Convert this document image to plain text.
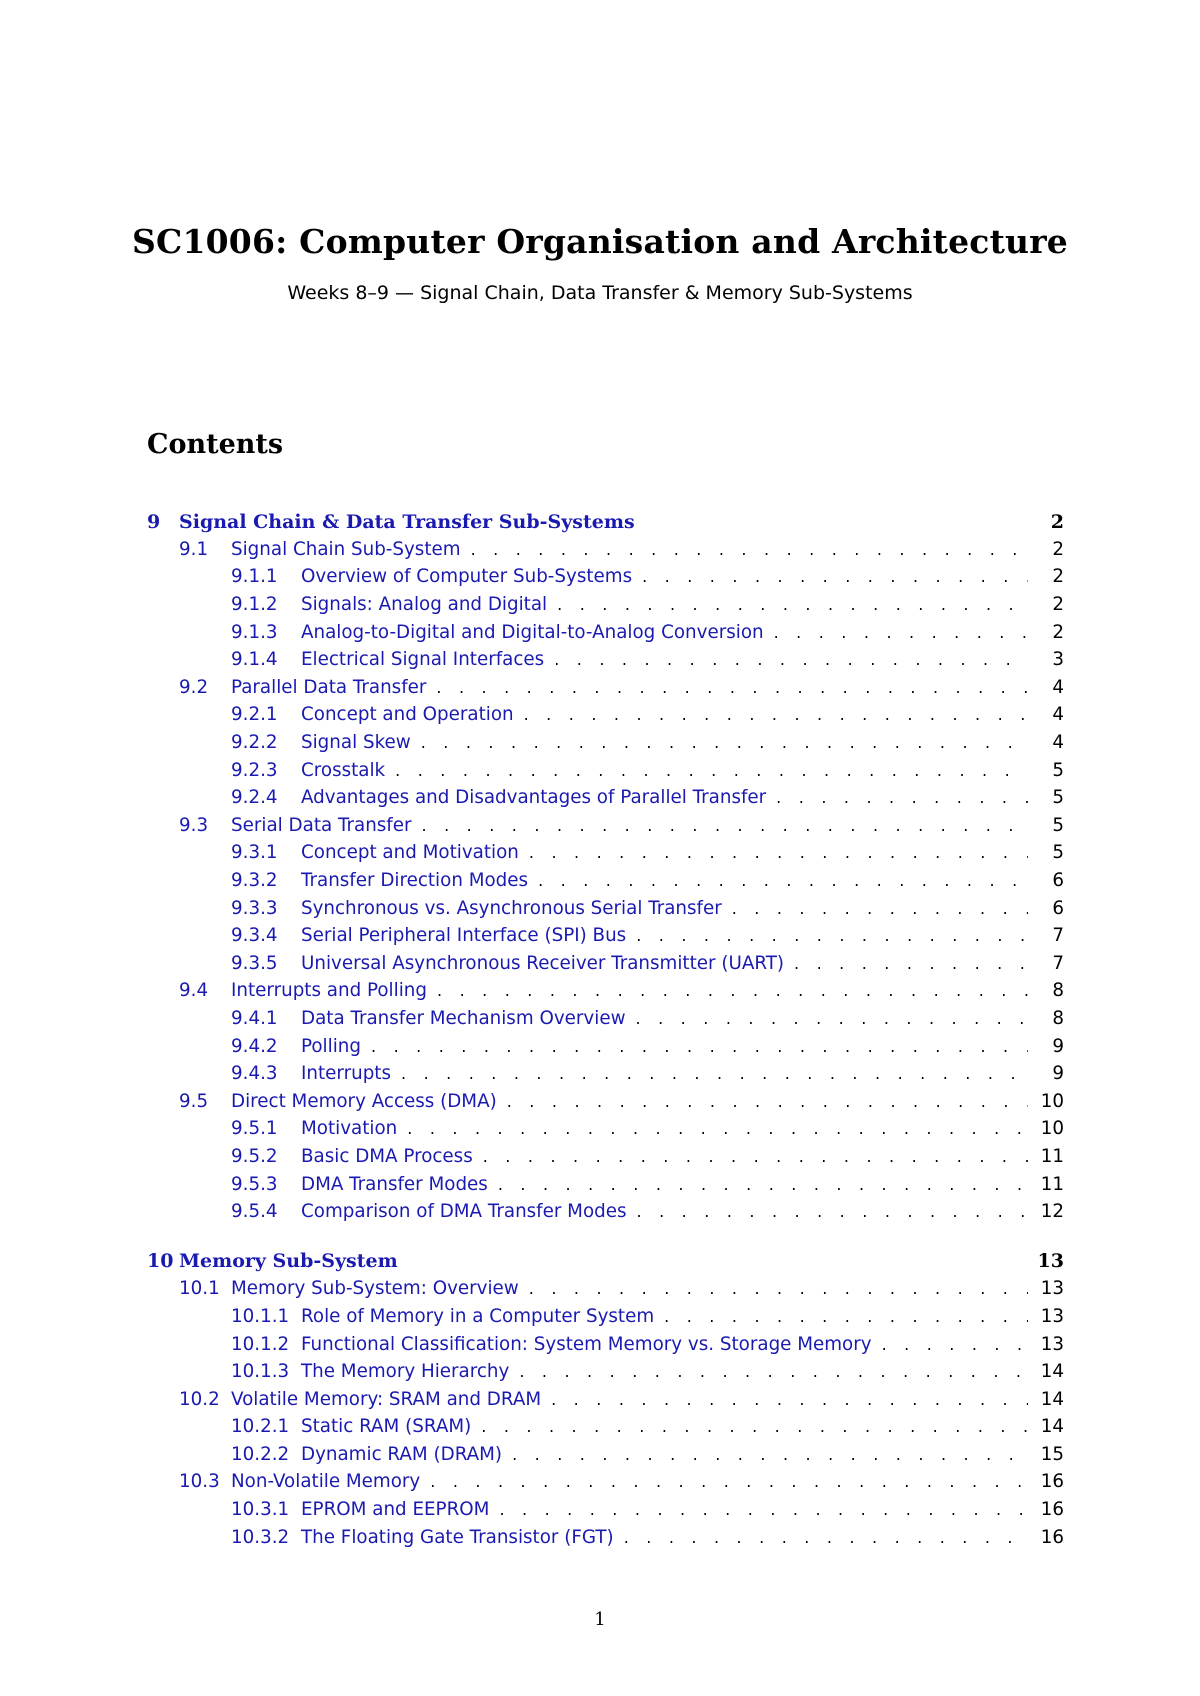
SC1006: Computer Organisation and Architecture
Weeks 8–9 — Signal Chain, Data Transfer & Memory Sub-Systems
Contents
9 Signal Chain & Data Transfer Sub-Systems	2
9.1	Signal Chain Sub-System . . .	2
9.1.1	Overview of Computer Sub-Systems . . .	2
9.1.2	Signals: Analog and Digital . . .	2
9.1.3	Analog-to-Digital and Digital-to-Analog Conversion . . .	2
9.1.4	Electrical Signal Interfaces . . .	3
9.2	Parallel Data Transfer . . .	4
9.2.1	Concept and Operation . . .	4
9.2.2	Signal Skew . . .	4
9.2.3	Crosstalk . . .	5
9.2.4	Advantages and Disadvantages of Parallel Transfer . . .	5
9.3	Serial Data Transfer . . .	5
9.3.1	Concept and Motivation . . .	5
9.3.2	Transfer Direction Modes . . .	6
9.3.3	Synchronous vs. Asynchronous Serial Transfer . . .	6
9.3.4	Serial Peripheral Interface (SPI) Bus . . .	7
9.3.5	Universal Asynchronous Receiver Transmitter (UART) . . .	7
9.4	Interrupts and Polling . . .	8
9.4.1	Data Transfer Mechanism Overview . . .	8
9.4.2	Polling . . .	9
9.4.3	Interrupts . . .	9
9.5	Direct Memory Access (DMA) . . .	10
9.5.1	Motivation . . .	10
9.5.2	Basic DMA Process . . .	11
9.5.3	DMA Transfer Modes . . .	11
9.5.4	Comparison of DMA Transfer Modes . . .	12
10 Memory Sub-System	13
10.1 Memory Sub-System: Overview . . .	13
10.1.1 Role of Memory in a Computer System . . .	13
10.1.2 Functional Classification: System Memory vs. Storage Memory . . .	13
10.1.3 The Memory Hierarchy . . .	14
10.2 Volatile Memory: SRAM and DRAM . . .	14
10.2.1 Static RAM (SRAM) . . .	14
10.2.2 Dynamic RAM (DRAM) . . .	15
10.3 Non-Volatile Memory . . .	16
10.3.1 EPROM and EEPROM . . .	16
10.3.2 The Floating Gate Transistor (FGT) . . .	16
1
